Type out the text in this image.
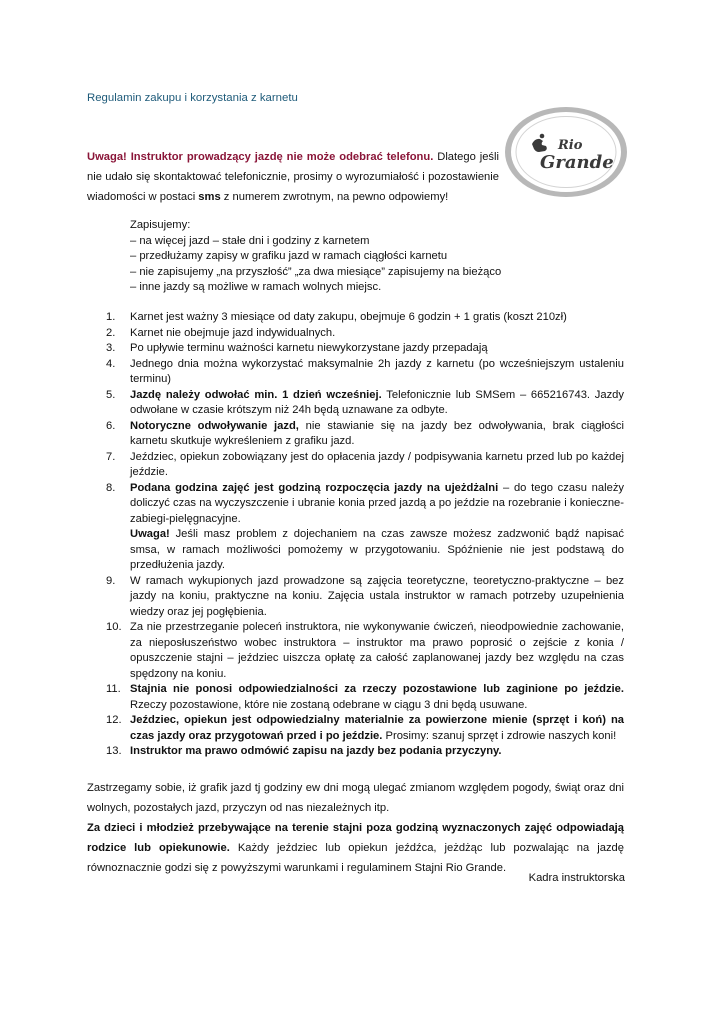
Regulamin zakupu i korzystania z karnetu
Uwaga! Instruktor prowadzący jazdę nie może odebrać telefonu. Dlatego jeśli nie udało się skontaktować telefonicznie, prosimy o wyrozumiałość i pozostawienie wiadomości w postaci sms z numerem zwrotnym, na pewno odpowiemy!
Rio
Grande
Zapisujemy:
– na więcej jazd – stałe dni i godziny z karnetem
– przedłużamy zapisy w grafiku jazd w ramach ciągłości karnetu
– nie zapisujemy „na przyszłość” „za dwa miesiące” zapisujemy na bieżąco
– inne jazdy są możliwe w ramach wolnych miejsc.
1. Karnet jest ważny 3 miesiące od daty zakupu, obejmuje 6 godzin + 1 gratis (koszt 210zł)
2. Karnet nie obejmuje jazd indywidualnych.
3. Po upływie terminu ważności karnetu niewykorzystane jazdy przepadają
4. Jednego dnia można wykorzystać maksymalnie 2h jazdy z karnetu (po wcześniejszym ustaleniu terminu)
5. Jazdę należy odwołać min. 1 dzień wcześniej. Telefonicznie lub SMSem – 665216743. Jazdy odwołane w czasie krótszym niż 24h będą uznawane za odbyte.
6. Notoryczne odwoływanie jazd, nie stawianie się na jazdy bez odwoływania, brak ciągłości karnetu skutkuje wykreśleniem z grafiku jazd.
7. Jeździec, opiekun zobowiązany jest do opłacenia jazdy / podpisywania karnetu przed lub po każdej jeździe.
8. Podana godzina zajęć jest godziną rozpoczęcia jazdy na ujeżdżalni – do tego czasu należy doliczyć czas na wyczyszczenie i ubranie konia przed jazdą a po jeździe na rozebranie i konieczne-zabiegi-pielęgnacyjne.
Uwaga! Jeśli masz problem z dojechaniem na czas zawsze możesz zadzwonić bądź napisać smsa, w ramach możliwości pomożemy w przygotowaniu. Spóźnienie nie jest podstawą do przedłużenia jazdy.
9. W ramach wykupionych jazd prowadzone są zajęcia teoretyczne, teoretyczno-praktyczne – bez jazdy na koniu, praktyczne na koniu. Zajęcia ustala instruktor w ramach potrzeby uzupełnienia wiedzy oraz jej pogłębienia.
10. Za nie przestrzeganie poleceń instruktora, nie wykonywanie ćwiczeń, nieodpowiednie zachowanie, za nieposłuszeństwo wobec instruktora – instruktor ma prawo poprosić o zejście z konia / opuszczenie stajni – jeździec uiszcza opłatę za całość zaplanowanej jazdy bez względu na czas spędzony na koniu.
11. Stajnia nie ponosi odpowiedzialności za rzeczy pozostawione lub zaginione po jeździe. Rzeczy pozostawione, które nie zostaną odebrane w ciągu 3 dni będą usuwane.
12. Jeździec, opiekun jest odpowiedzialny materialnie za powierzone mienie (sprzęt i koń) na czas jazdy oraz przygotowań przed i po jeździe. Prosimy: szanuj sprzęt i zdrowie naszych koni!
13. Instruktor ma prawo odmówić zapisu na jazdy bez podania przyczyny.
Zastrzegamy sobie, iż grafik jazd tj godziny ew dni mogą ulegać zmianom względem pogody, świąt oraz dni wolnych, pozostałych jazd, przyczyn od nas niezależnych itp.
Za dzieci i młodzież przebywające na terenie stajni poza godziną wyznaczonych zajęć odpowiadają rodzice lub opiekunowie. Każdy jeździec lub opiekun jeźdźca, jeżdżąc lub pozwalając na jazdę równoznacznie godzi się z powyższymi warunkami i regulaminem Stajni Rio Grande.
Kadra instruktorska
